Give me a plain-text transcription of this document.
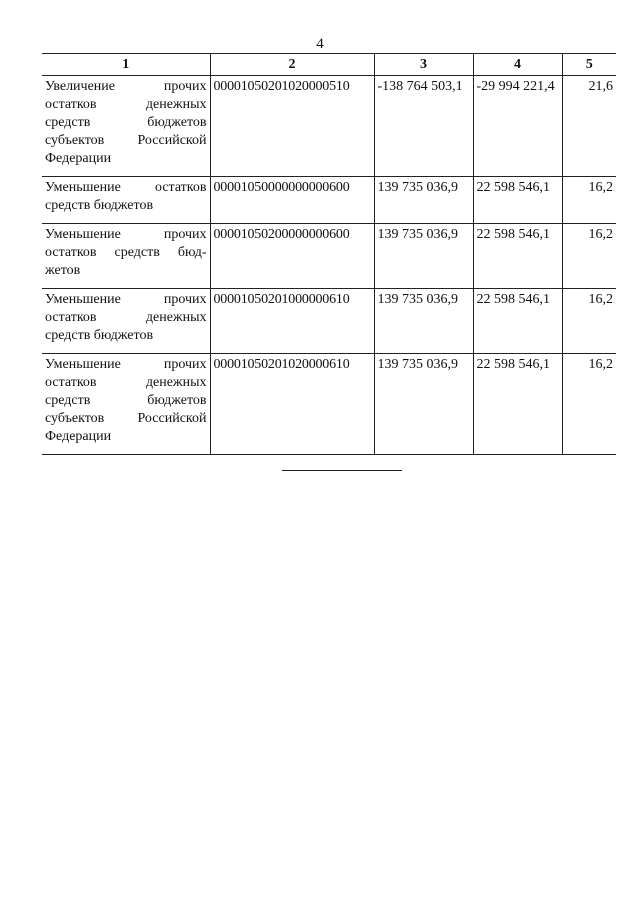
4
1	2	3	4	5
Увеличение прочих остатков денежных средств бюджетов субъектов Российской Федерации	00001050201020000510	-138 764 503,1	-29 994 221,4	21,6
Уменьшение остатков средств бюджетов	00001050000000000600	139 735 036,9	22 598 546,1	16,2
Уменьшение прочих остатков средств бюд-жетов	00001050200000000600	139 735 036,9	22 598 546,1	16,2
Уменьшение прочих остатков денежных средств бюджетов	00001050201000000610	139 735 036,9	22 598 546,1	16,2
Уменьшение прочих остатков денежных средств бюджетов субъектов Российской Федерации	00001050201020000610	139 735 036,9	22 598 546,1	16,2
